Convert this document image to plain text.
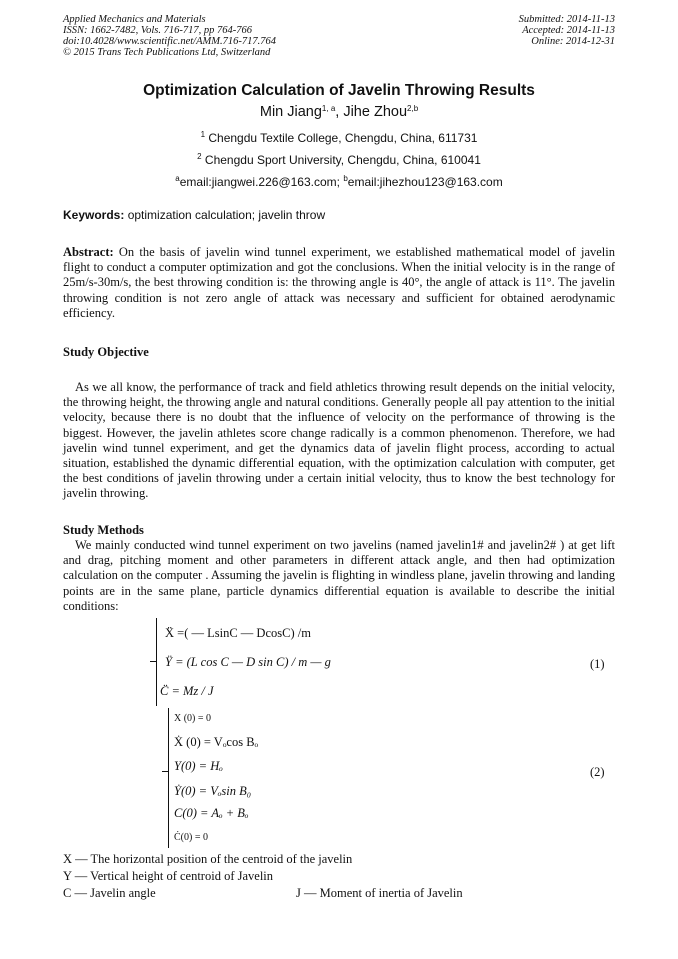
Applied Mechanics and Materials
ISSN: 1662-7482, Vols. 716-717, pp 764-766
doi:10.4028/www.scientific.net/AMM.716-717.764
© 2015 Trans Tech Publications Ltd, Switzerland
Submitted: 2014-11-13
Accepted: 2014-11-13
Online: 2014-12-31
Optimization Calculation of Javelin Throwing Results
Min Jiang$^{1, a}$, Jihe Zhou$^{2,b}$
$^1$ Chengdu Textile College, Chengdu, China, 611731
$^2$ Chengdu Sport University, Chengdu, China, 610041
$^a$email:jiangwei.226@163.com; $^b$email:jihezhou123@163.com
Keywords: optimization calculation; javelin throw
Abstract: On the basis of javelin wind tunnel experiment, we established mathematical model of javelin flight to conduct a computer optimization and got the conclusions. When the initial velocity is in the range of 25m/s-30m/s, the best throwing condition is: the throwing angle is 40°, the angle of attack is 11°. The javelin throwing condition is not zero angle of attack was necessary and sufficient for obtained aerodynamic efficiency.
Study Objective
As we all know, the performance of track and field athletics throwing result depends on the initial velocity, the throwing height, the throwing angle and natural conditions. Generally people all pay attention to the initial velocity, because there is no doubt that the influence of velocity on the performance of throwing is the biggest. However, the javelin athletes score change radically is a common phenomenon. Therefore, we had javelin wind tunnel experiment, and get the dynamics data of javelin flight process, according to actual situation, established the dynamic differential equation, with the optimization calculation with computer, get the best conditions of javelin throwing under a certain initial velocity, thus to know the best technology for javelin throwing.
Study Methods
We mainly conducted wind tunnel experiment on two javelins (named javelin1# and javelin2# ) at get lift and drag, pitching moment and other parameters in different attack angle, and then had optimization calculation on the computer . Assuming the javelin is flighting in windless plane, javelin throwing and landing points are in the same plane, particle dynamics differential equation is available to describe the initial conditions:
Ẍ =( — LsinC — DcosC) /m
Ÿ = (L cos C — D sin C) / m — g
C̈ = Mz / J
(1)
X (0) = 0
Ẋ (0) = Vₒcos Bₒ
Y(0) = Hₒ
Ẏ(0) = Vₒsin B₀
C(0) = Aₒ + Bₒ
Ċ(0) = 0
(2)
X — The horizontal position of the centroid of the javelin
Y — Vertical height of centroid of Javelin
C — Javelin angle	J — Moment of inertia of Javelin
